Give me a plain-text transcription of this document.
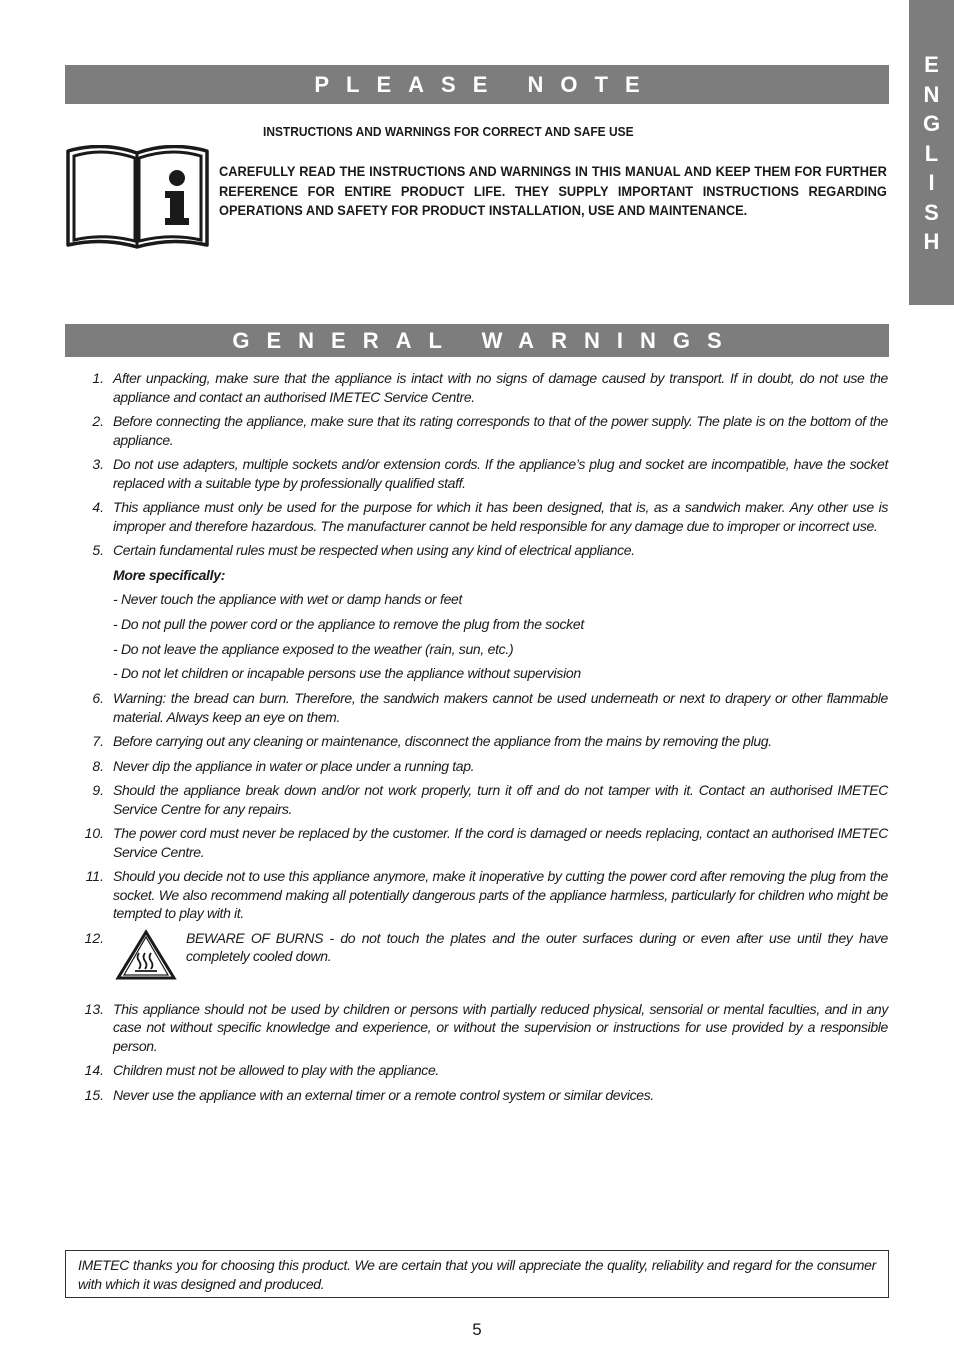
E
N
G
L
I
S
H
PLEASE NOTE
INSTRUCTIONS AND WARNINGS FOR CORRECT AND SAFE USE
CAREFULLY READ THE INSTRUCTIONS AND WARNINGS IN THIS MANUAL AND KEEP THEM FOR FURTHER REFERENCE FOR ENTIRE PRODUCT LIFE. THEY SUPPLY IMPORTANT INSTRUCTIONS REGARDING OPERATIONS AND SAFETY FOR PRODUCT INSTALLATION, USE AND MAINTENANCE.
GENERAL WARNINGS
1. After unpacking, make sure that the appliance is intact with no signs of damage caused by transport. If in doubt, do not use the appliance and contact an authorised IMETEC Service Centre.
2. Before connecting the appliance, make sure that its rating corresponds to that of the power supply. The plate is on the bottom of the appliance.
3. Do not use adapters, multiple sockets and/or extension cords. If the appliance’s plug and socket are incompatible, have the socket replaced with a suitable type by professionally qualified staff.
4. This appliance must only be used for the purpose for which it has been designed, that is, as a sandwich maker. Any other use is improper and therefore hazardous. The manufacturer cannot be held responsible for any damage due to improper or incorrect use.
5. Certain fundamental rules must be respected when using any kind of electrical appliance.
More specifically:
- Never touch the appliance with wet or damp hands or feet
- Do not pull the power cord or the appliance to remove the plug from the socket
- Do not leave the appliance exposed to the weather (rain, sun, etc.)
- Do not let children or incapable persons use the appliance without supervision
6. Warning: the bread can burn. Therefore, the sandwich makers cannot be used underneath or next to drapery or other flammable material. Always keep an eye on them.
7. Before carrying out any cleaning or maintenance, disconnect the appliance from the mains by removing the plug.
8. Never dip the appliance in water or place under a running tap.
9. Should the appliance break down and/or not work properly, turn it off and do not tamper with it. Contact an authorised IMETEC Service Centre for any repairs.
10. The power cord must never be replaced by the customer. If the cord is damaged or needs replacing, contact an authorised IMETEC Service Centre.
11. Should you decide not to use this appliance anymore, make it inoperative by cutting the power cord after removing the plug from the socket. We also recommend making all potentially dangerous parts of the appliance harmless, particularly for children who might be tempted to play with it.
12.	BEWARE OF BURNS - do not touch the plates and the outer surfaces during or even after use until they have completely cooled down.
13. This appliance should not be used by children or persons with partially reduced physical, sensorial or mental faculties, and in any case not without specific knowledge and experience, or without the supervision or instructions for use provided by a responsible person.
14. Children must not be allowed to play with the appliance.
15. Never use the appliance with an external timer or a remote control system or similar devices.
IMETEC thanks you for choosing this product. We are certain that you will appreciate the quality, reliability and regard for the consumer with which it was designed and produced.
5
